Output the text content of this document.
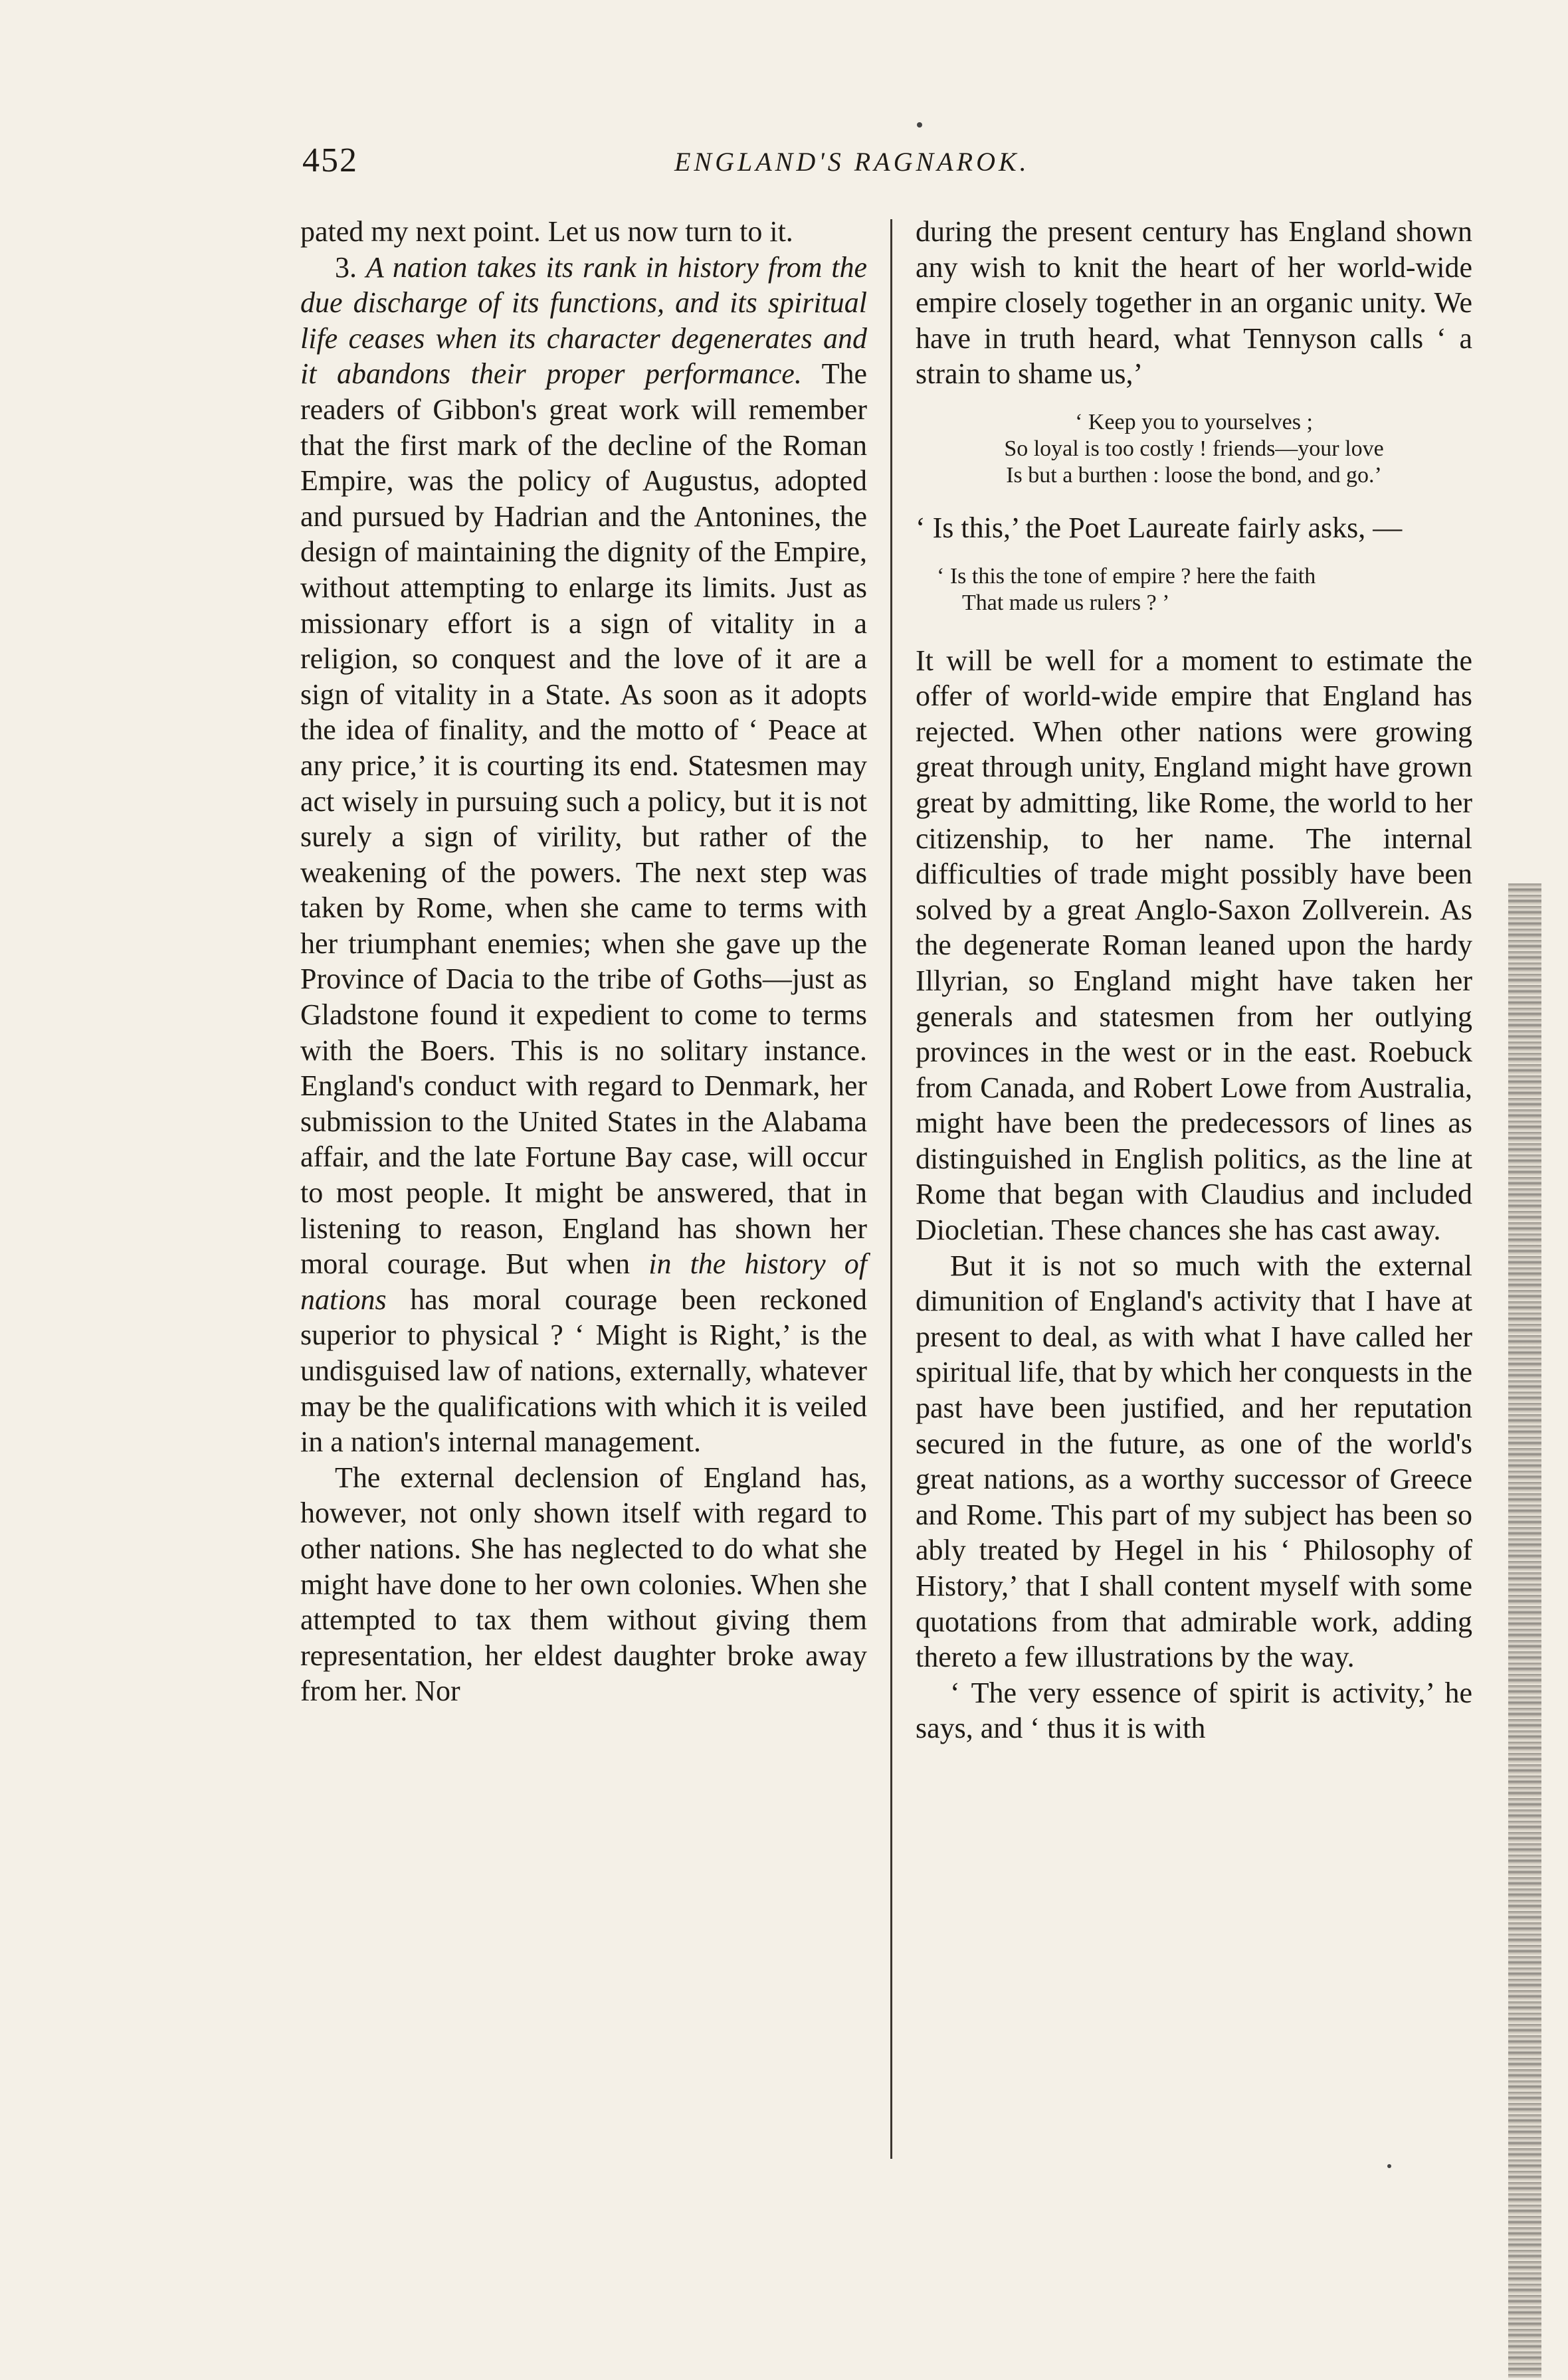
452	ENGLAND'S RAGNAROK.

pated my next point. Let us now turn to it.

3. A nation takes its rank in history from the due discharge of its functions, and its spiritual life ceases when its character degenerates and it abandons their proper performance. The readers of Gibbon's great work will remember that the first mark of the decline of the Roman Empire, was the policy of Augustus, adopted and pursued by Hadrian and the Antonines, the design of maintaining the dignity of the Empire, without attempting to enlarge its limits. Just as missionary effort is a sign of vitality in a religion, so conquest and the love of it are a sign of vitality in a State. As soon as it adopts the idea of finality, and the motto of ‘ Peace at any price,’ it is courting its end. Statesmen may act wisely in pursuing such a policy, but it is not surely a sign of virility, but rather of the weakening of the powers. The next step was taken by Rome, when she came to terms with her triumphant enemies; when she gave up the Province of Dacia to the tribe of Goths—just as Gladstone found it expedient to come to terms with the Boers. This is no solitary instance. England's conduct with regard to Denmark, her submission to the United States in the Alabama affair, and the late Fortune Bay case, will occur to most people. It might be answered, that in listening to reason, England has shown her moral courage. But when in the history of nations has moral courage been reckoned superior to physical ? ‘ Might is Right,’ is the undisguised law of nations, externally, whatever may be the qualifications with which it is veiled in a nation's internal management.

The external declension of England has, however, not only shown itself with regard to other nations. She has neglected to do what she might have done to her own colonies. When she attempted to tax them without giving them representation, her eldest daughter broke away from her. Nor

during the present century has England shown any wish to knit the heart of her world-wide empire closely together in an organic unity. We have in truth heard, what Tennyson calls ‘ a strain to shame us,’

‘ Keep you to yourselves ;
So loyal is too costly ! friends—your love
Is but a burthen : loose the bond, and go.’

‘ Is this,’ the Poet Laureate fairly asks, —

‘ Is this the tone of empire ? here the faith
That made us rulers ? ’

It will be well for a moment to estimate the offer of world-wide empire that England has rejected. When other nations were growing great through unity, England might have grown great by admitting, like Rome, the world to her citizenship, to her name. The internal difficulties of trade might possibly have been solved by a great Anglo-Saxon Zollverein. As the degenerate Roman leaned upon the hardy Illyrian, so England might have taken her generals and statesmen from her outlying provinces in the west or in the east. Roebuck from Canada, and Robert Lowe from Australia, might have been the predecessors of lines as distinguished in English politics, as the line at Rome that began with Claudius and included Diocletian. These chances she has cast away.

But it is not so much with the external dimunition of England's activity that I have at present to deal, as with what I have called her spiritual life, that by which her conquests in the past have been justified, and her reputation secured in the future, as one of the world's great nations, as a worthy successor of Greece and Rome. This part of my subject has been so ably treated by Hegel in his ‘ Philosophy of History,’ that I shall content myself with some quotations from that admirable work, adding thereto a few illustrations by the way.

‘ The very essence of spirit is activity,’ he says, and ‘ thus it is with
